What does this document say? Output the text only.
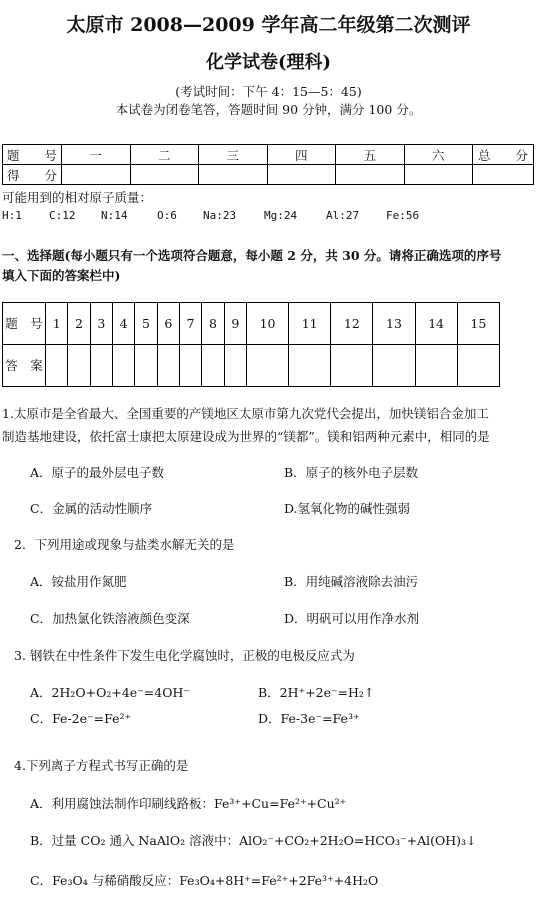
太原市 2008—2009 学年高二年级第二次测评
化学试卷(理科)
(考试时间：下午 4：15—5：45)
本试卷为闭卷笔答，答题时间 90 分钟，满分 100 分。
题　　号	一	二	三	四	五	六	总　　分
得　　分							
可能用到的相对原子质量：
H:1 C:12 N:14	O:6 Na:23	Mg:24	Al:27 Fe:56
一、选择题(每小题只有一个选项符合题意，每小题 2 分，共 30 分。请将正确选项的序号
填入下面的答案栏中)
题　号	1	2	3	4	5	6	7	8	9	10	11	12	13	14	15
答　案															
1.太原市是全省最大、全国重要的产镁地区太原市第九次党代会提出，加快镁铝合金加工
制造基地建设，依托富士康把太原建设成为世界的“镁都”。镁和铝两种元素中，相同的是
A．原子的最外层电子数	B．原子的核外电子层数
C．金属的活动性顺序	D.氢氧化物的碱性强弱
2．下列用途或现象与盐类水解无关的是
A．铵盐用作氮肥	B．用纯碱溶液除去油污
C．加热氯化铁溶液颜色变深	D．明矾可以用作净水剂
3. 钢铁在中性条件下发生电化学腐蚀时，正极的电极反应式为
A．2H₂O+O₂+4e⁻=4OH⁻	B．2H⁺+2e⁻=H₂↑
C．Fe-2e⁻=Fe²⁺	D．Fe-3e⁻=Fe³⁺
4.下列离子方程式书写正确的是
A．利用腐蚀法制作印刷线路板：Fe³⁺+Cu=Fe²⁺+Cu²⁺
B．过量 CO₂ 通入 NaAlO₂ 溶液中：AlO₂⁻+CO₂+2H₂O=HCO₃⁻+Al(OH)₃↓
C．Fe₃O₄ 与稀硝酸反应：Fe₃O₄+8H⁺=Fe²⁺+2Fe³⁺+4H₂O
